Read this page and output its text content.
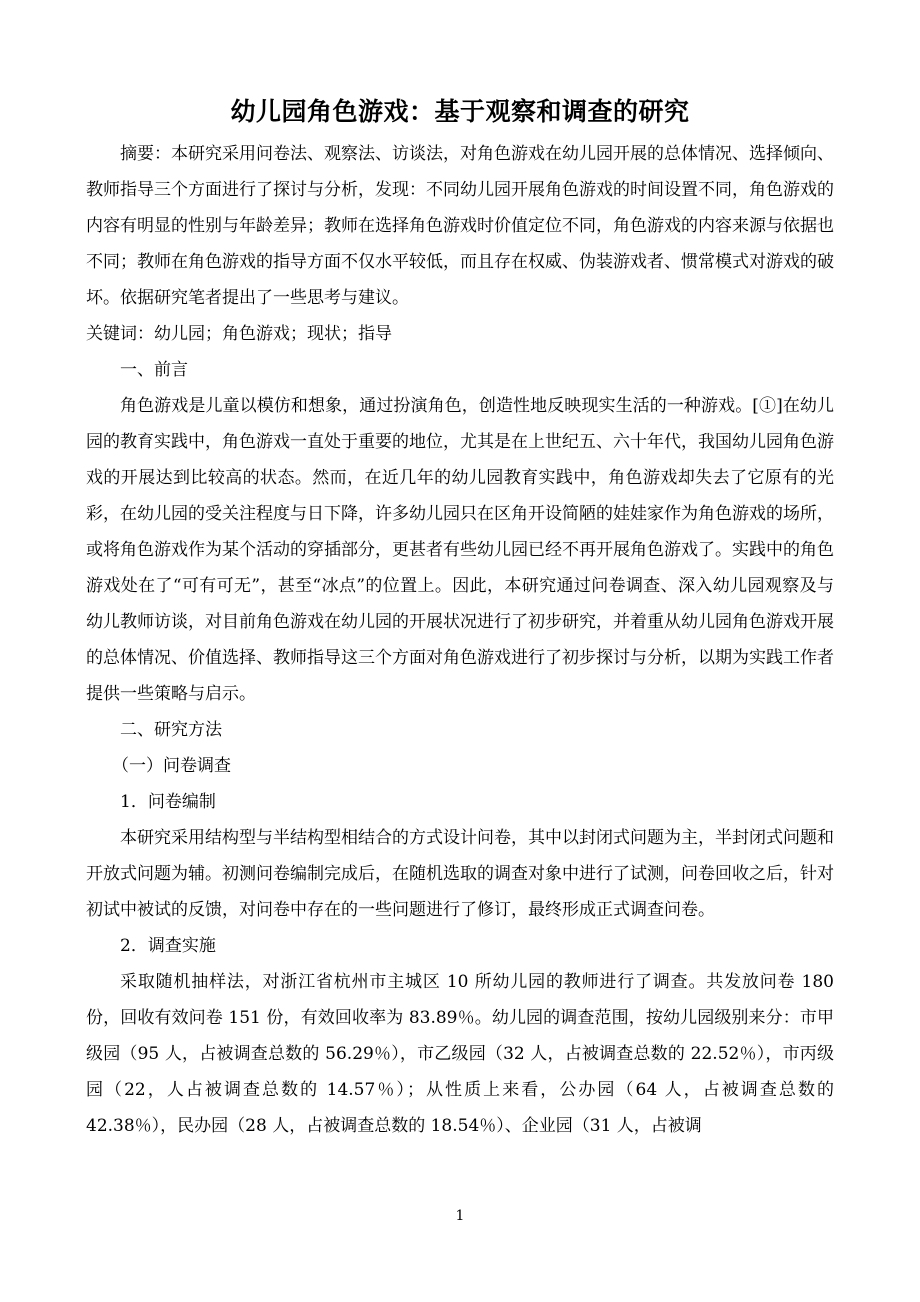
幼儿园角色游戏：基于观察和调查的研究

摘要：本研究采用问卷法、观察法、访谈法，对角色游戏在幼儿园开展的总体情况、选择倾向、教师指导三个方面进行了探讨与分析，发现：不同幼儿园开展角色游戏的时间设置不同，角色游戏的内容有明显的性别与年龄差异；教师在选择角色游戏时价值定位不同，角色游戏的内容来源与依据也不同；教师在角色游戏的指导方面不仅水平较低，而且存在权威、伪装游戏者、惯常模式对游戏的破坏。依据研究笔者提出了一些思考与建议。

关键词：幼儿园；角色游戏；现状；指导

一、前言

角色游戏是儿童以模仿和想象，通过扮演角色，创造性地反映现实生活的一种游戏。[①]在幼儿园的教育实践中，角色游戏一直处于重要的地位，尤其是在上世纪五、六十年代，我国幼儿园角色游戏的开展达到比较高的状态。然而，在近几年的幼儿园教育实践中，角色游戏却失去了它原有的光彩，在幼儿园的受关注程度与日下降，许多幼儿园只在区角开设简陋的娃娃家作为角色游戏的场所，或将角色游戏作为某个活动的穿插部分，更甚者有些幼儿园已经不再开展角色游戏了。实践中的角色游戏处在了“可有可无”，甚至“冰点”的位置上。因此，本研究通过问卷调查、深入幼儿园观察及与幼儿教师访谈，对目前角色游戏在幼儿园的开展状况进行了初步研究，并着重从幼儿园角色游戏开展的总体情况、价值选择、教师指导这三个方面对角色游戏进行了初步探讨与分析，以期为实践工作者提供一些策略与启示。

二、研究方法

（一）问卷调查

1．问卷编制

本研究采用结构型与半结构型相结合的方式设计问卷，其中以封闭式问题为主，半封闭式问题和开放式问题为辅。初测问卷编制完成后，在随机选取的调查对象中进行了试测，问卷回收之后，针对初试中被试的反馈，对问卷中存在的一些问题进行了修订，最终形成正式调查问卷。

2．调查实施

采取随机抽样法，对浙江省杭州市主城区 10 所幼儿园的教师进行了调查。共发放问卷 180 份，回收有效问卷 151 份，有效回收率为 83.89％。幼儿园的调查范围，按幼儿园级别来分：市甲级园（95 人，占被调查总数的 56.29％），市乙级园（32 人，占被调查总数的 22.52％），市丙级园（22，人占被调查总数的 14.57％）；从性质上来看，公办园（64 人，占被调查总数的 42.38％），民办园（28 人，占被调查总数的 18.54％）、企业园（31 人，占被调

1
